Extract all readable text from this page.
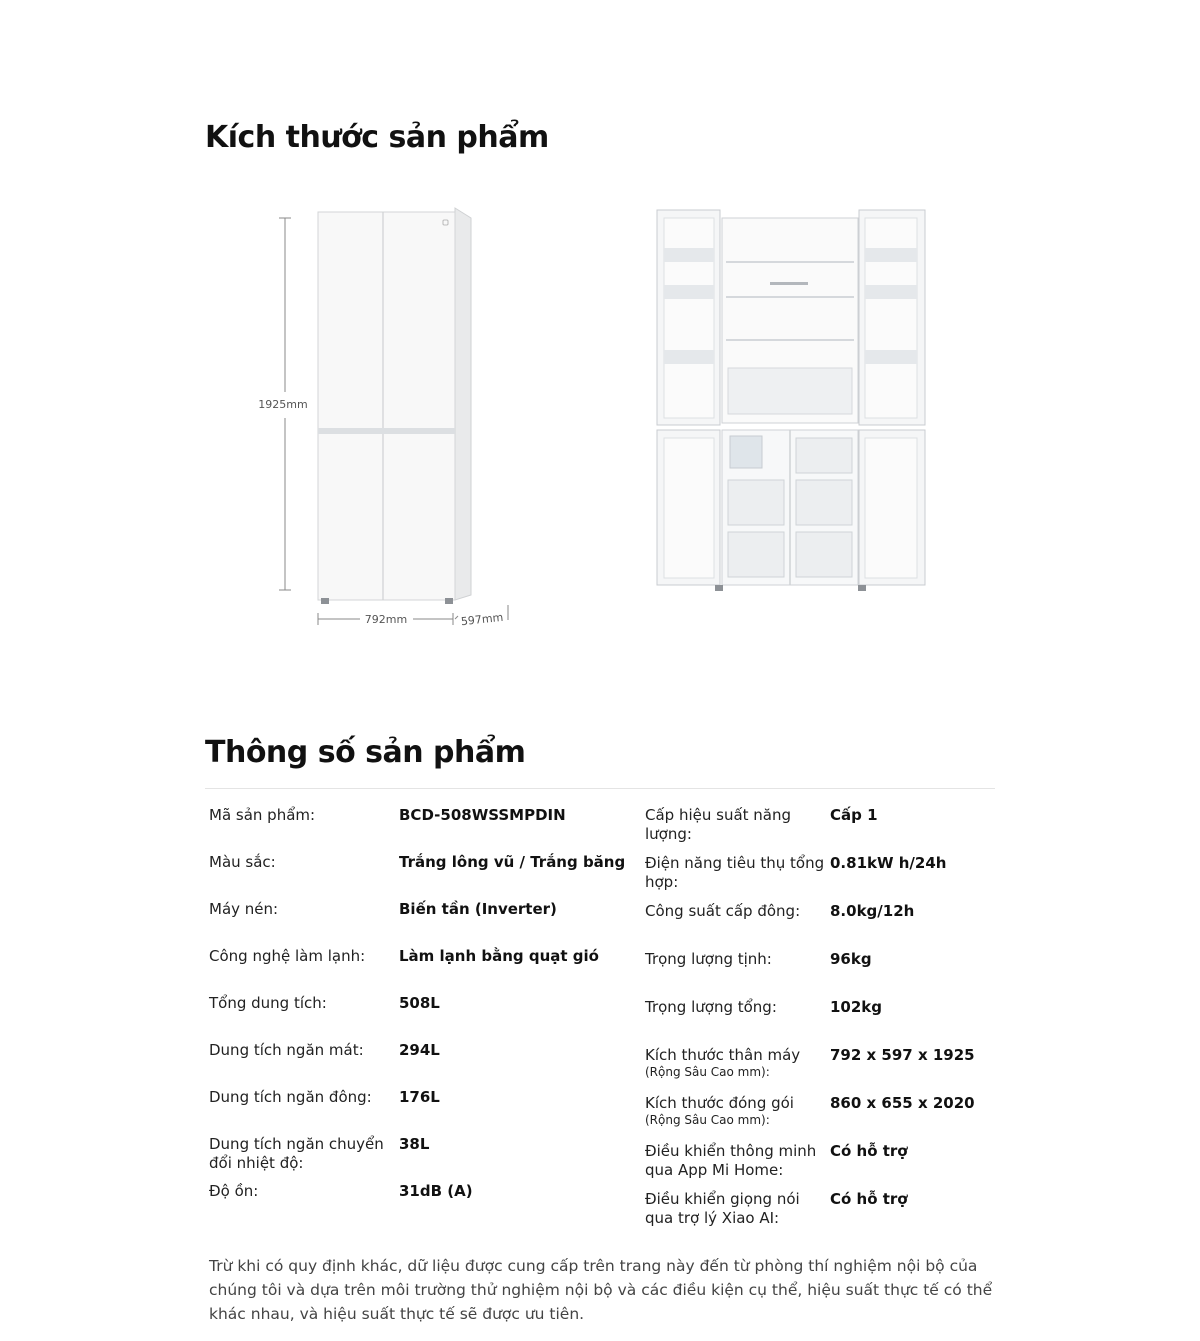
Kích thước sản phẩm
1925mm
792mm	597mm
Thông số sản phẩm
Mã sản phẩm:	BCD-508WSSMPDIN
Màu sắc:	Trắng lông vũ / Trắng băng
Máy nén:	Biến tần (Inverter)
Công nghệ làm lạnh:	Làm lạnh bằng quạt gió
Tổng dung tích:	508L
Dung tích ngăn mát:	294L
Dung tích ngăn đông:	176L
Dung tích ngăn chuyển đổi nhiệt độ:
38L
Độ ồn:	31dB (A)
Cấp hiệu suất năng lượng:
Cấp 1
Điện năng tiêu thụ tổng hợp:
0.81kW h/24h
Công suất cấp đông:	8.0kg/12h
Trọng lượng tịnh:	96kg
Trọng lượng tổng:	102kg
Kích thước thân máy
(Rộng Sâu Cao mm):
792 x 597 x 1925
Kích thước đóng gói
(Rộng Sâu Cao mm):
860 x 655 x 2020
Điều khiển thông minh qua App Mi Home:
Có hỗ trợ
Điều khiển giọng nói qua trợ lý Xiao AI:
Có hỗ trợ

Trừ khi có quy định khác, dữ liệu được cung cấp trên trang này đến từ phòng thí nghiệm nội bộ của chúng tôi và dựa trên môi trường thử nghiệm nội bộ và các điều kiện cụ thể, hiệu suất thực tế có thể khác nhau, và hiệu suất thực tế sẽ được ưu tiên.
